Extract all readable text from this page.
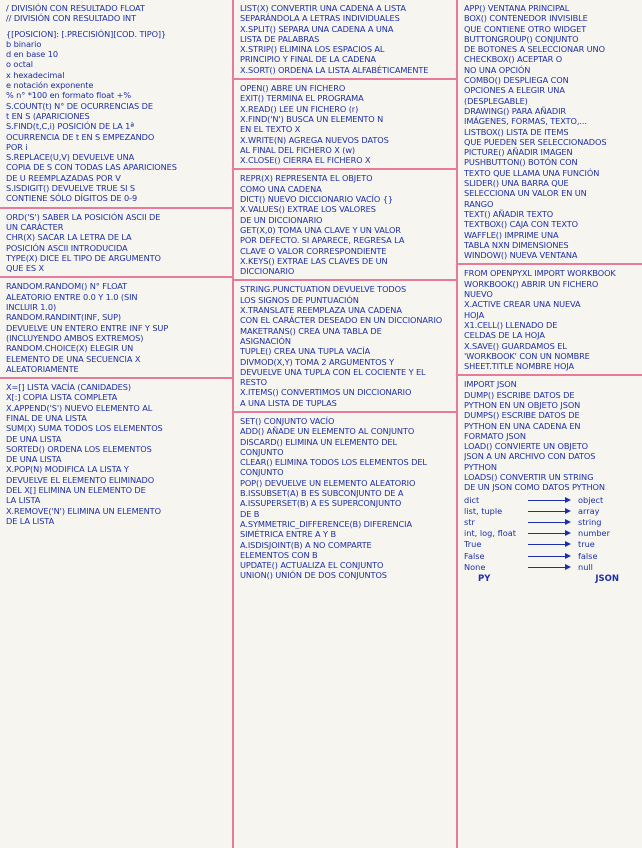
/ DIVISIÓN CON RESULTADO FLOAT
// DIVISIÓN CON RESULTADO INT
{[POSICION]: [.PRECISIÓN][COD. TIPO]}
b binario
d en base 10
o octal
x hexadecimal
e notación exponente
% n° *100 en formato float +%
S.COUNT(t) N° DE OCURRENCIAS DE
t EN S (APARICIONES
S.FIND(t,C,i) POSICIÓN DE LA 1ª
OCURRENCIA DE t EN S EMPEZANDO
POR i
S.REPLACE(U,V) DEVUELVE UNA
COPIA DE S CON TODAS LAS APARICIONES
DE U REEMPLAZADAS POR V
S.ISDIGIT() DEVUELVE TRUE SI S
CONTIENE SÓLO DÍGITOS DE 0-9
ORD('S') SABER LA POSICIÓN ASCII DE
UN CARÁCTER
CHR(X) SACAR LA LETRA DE LA
POSICIÓN ASCII INTRODUCIDA
TYPE(X) DICE EL TIPO DE ARGUMENTO
QUE ES X
RANDOM.RANDOM() N° FLOAT
ALEATORIO ENTRE 0.0 Y 1.0 (SIN
INCLUIR 1.0)
RANDOM.RANDINT(INF, SUP)
DEVUELVE UN ENTERO ENTRE INF Y SUP
(INCLUYENDO AMBOS EXTREMOS)
RANDOM.CHOICE(X) ELEGIR UN
ELEMENTO DE UNA SECUENCIA X
ALEATORIAMENTE
X=[] LISTA VACÍA (CANIDADES)
X[:] COPIA LISTA COMPLETA
X.APPEND('S') NUEVO ELEMENTO AL
FINAL DE UNA LISTA
SUM(X) SUMA TODOS LOS ELEMENTOS
DE UNA LISTA
SORTED() ORDENA LOS ELEMENTOS
DE UNA LISTA
X.POP(N) MODIFICA LA LISTA Y
DEVUELVE EL ELEMENTO ELIMINADO
DEL X[] ELIMINA UN ELEMENTO DE
LA LISTA
X.REMOVE('N') ELIMINA UN ELEMENTO
DE LA LISTA
LIST(X) CONVERTIR UNA CADENA A LISTA
SEPARÁNDOLA A LETRAS INDIVIDUALES
X.SPLIT() SEPARA UNA CADENA A UNA
LISTA DE PALABRAS
X.STRIP() ELIMINA LOS ESPACIOS AL
PRINCIPIO Y FINAL DE LA CADENA
X.SORT() ORDENA LA LISTA ALFABÉTICAMENTE
OPEN() ABRE UN FICHERO
EXIT() TERMINA EL PROGRAMA
X.READ() LEE UN FICHERO (r)
X.FIND('N') BUSCA UN ELEMENTO N
EN EL TEXTO X
X.WRITE(N) AGREGA NUEVOS DATOS
AL FINAL DEL FICHERO X (w)
X.CLOSE() CIERRA EL FICHERO X
REPR(X) REPRESENTA EL OBJETO
COMO UNA CADENA
DICT() NUEVO DICCIONARIO VACÍO {}
X.VALUES() EXTRAE LOS VALORES
DE UN DICCIONARIO
GET(X,0) TOMA UNA CLAVE Y UN VALOR
POR DEFECTO. SI APARECE, REGRESA LA
CLAVE O VALOR CORRESPONDIENTE
X.KEYS() EXTRAE LAS CLAVES DE UN
DICCIONARIO
STRING.PUNCTUATION DEVUELVE TODOS
LOS SIGNOS DE PUNTUACIÓN
X.TRANSLATE REEMPLAZA UNA CADENA
CON EL CARÁCTER DESEADO EN UN DICCIONARIO
MAKETRANS() CREA UNA TABLA DE
ASIGNACIÓN
TUPLE() CREA UNA TUPLA VACÍA
DIVMOD(X,Y) TOMA 2 ARGUMENTOS Y
DEVUELVE UNA TUPLA CON EL COCIENTE Y EL
RESTO
X.ITEMS() CONVERTIMOS UN DICCIONARIO
A UNA LISTA DE TUPLAS
SET() CONJUNTO VACÍO
ADD() AÑADE UN ELEMENTO AL CONJUNTO
DISCARD() ELIMINA UN ELEMENTO DEL
CONJUNTO
CLEAR() ELIMINA TODOS LOS ELEMENTOS DEL
CONJUNTO
POP() DEVUELVE UN ELEMENTO ALEATORIO
B.ISSUBSET(A) B ES SUBCONJUNTO DE A
A.ISSUPERSET(B) A ES SUPERCONJUNTO
DE B
A.SYMMETRIC_DIFFERENCE(B) DIFERENCIA
SIMÉTRICA ENTRE A Y B
A.ISDISJOINT(B) A NO COMPARTE
ELEMENTOS CON B
UPDATE() ACTUALIZA EL CONJUNTO
UNION() UNIÓN DE DOS CONJUNTOS
APP() VENTANA PRINCIPAL
BOX() CONTENEDOR INVISIBLE
QUE CONTIENE OTRO WIDGET
BUTTONGROUP() CONJUNTO
DE BOTONES A SELECCIONAR UNO
CHECKBOX() ACEPTAR O
NO UNA OPCIÓN
COMBO() DESPLIEGA CON
OPCIONES A ELEGIR UNA
(DESPLEGABLE)
DRAWING() PARA AÑADIR
IMÁGENES, FORMAS, TEXTO,...
LISTBOX() LISTA DE ITEMS
QUE PUEDEN SER SELECCIONADOS
PICTURE() AÑADIR IMAGEN
PUSHBUTTON() BOTÓN CON
TEXTO QUE LLAMA UNA FUNCIÓN
SLIDER() UNA BARRA QUE
SELECCIONA UN VALOR EN UN
RANGO
TEXT() AÑADIR TEXTO
TEXTBOX() CAJA CON TEXTO
WAFFLE() IMPRIME UNA
TABLA NXN DIMENSIONES
WINDOW() NUEVA VENTANA
FROM OPENPYXL IMPORT WORKBOOK
WORKBOOK() ABRIR UN FICHERO
NUEVO
X.ACTIVE CREAR UNA NUEVA
HOJA
X1.CELL() LLENADO DE
CELDAS DE LA HOJA
X.SAVE() GUARDAMOS EL
'WORKBOOK' CON UN NOMBRE
SHEET.TITLE NOMBRE HOJA
IMPORT JSON
DUMP() ESCRIBE DATOS DE
PYTHON EN UN OBJETO JSON
DUMPS() ESCRIBE DATOS DE
PYTHON EN UNA CADENA EN
FORMATO JSON
LOAD() CONVIERTE UN OBJETO
JSON A UN ARCHIVO CON DATOS
PYTHON
LOADS() CONVERTIR UN STRING
DE UN JSON COMO DATOS PYTHON
dict	object
list, tuple	array
str	string
int, log, float	number
True	true
False	false
None	null
PY	JSON
